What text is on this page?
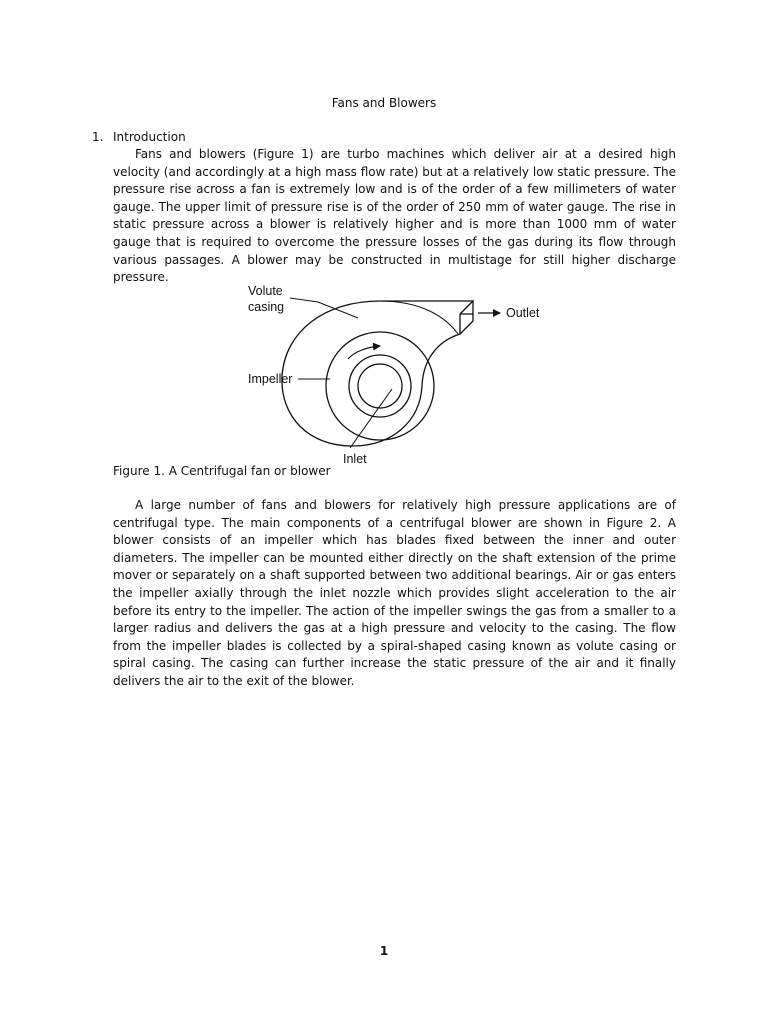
Fans and Blowers
1. Introduction

Fans and blowers (Figure 1) are turbo machines which deliver air at a desired high velocity (and accordingly at a high mass flow rate) but at a relatively low static pressure. The pressure rise across a fan is extremely low and is of the order of a few millimeters of water gauge. The upper limit of pressure rise is of the order of 250 mm of water gauge. The rise in static pressure across a blower is relatively higher and is more than 1000 mm of water gauge that is required to overcome the pressure losses of the gas during its flow through various passages. A blower may be constructed in multistage for still higher discharge pressure.

Volute
casing	Outlet
Impeller
Inlet
Figure 1. A Centrifugal fan or blower

A large number of fans and blowers for relatively high pressure applications are of centrifugal type. The main components of a centrifugal blower are shown in Figure 2. A blower consists of an impeller which has blades fixed between the inner and outer diameters. The impeller can be mounted either directly on the shaft extension of the prime mover or separately on a shaft supported between two additional bearings. Air or gas enters the impeller axially through the inlet nozzle which provides slight acceleration to the air before its entry to the impeller. The action of the impeller swings the gas from a smaller to a larger radius and delivers the gas at a high pressure and velocity to the casing. The flow from the impeller blades is collected by a spiral-shaped casing known as volute casing or spiral casing. The casing can further increase the static pressure of the air and it finally delivers the air to the exit of the blower.

1
